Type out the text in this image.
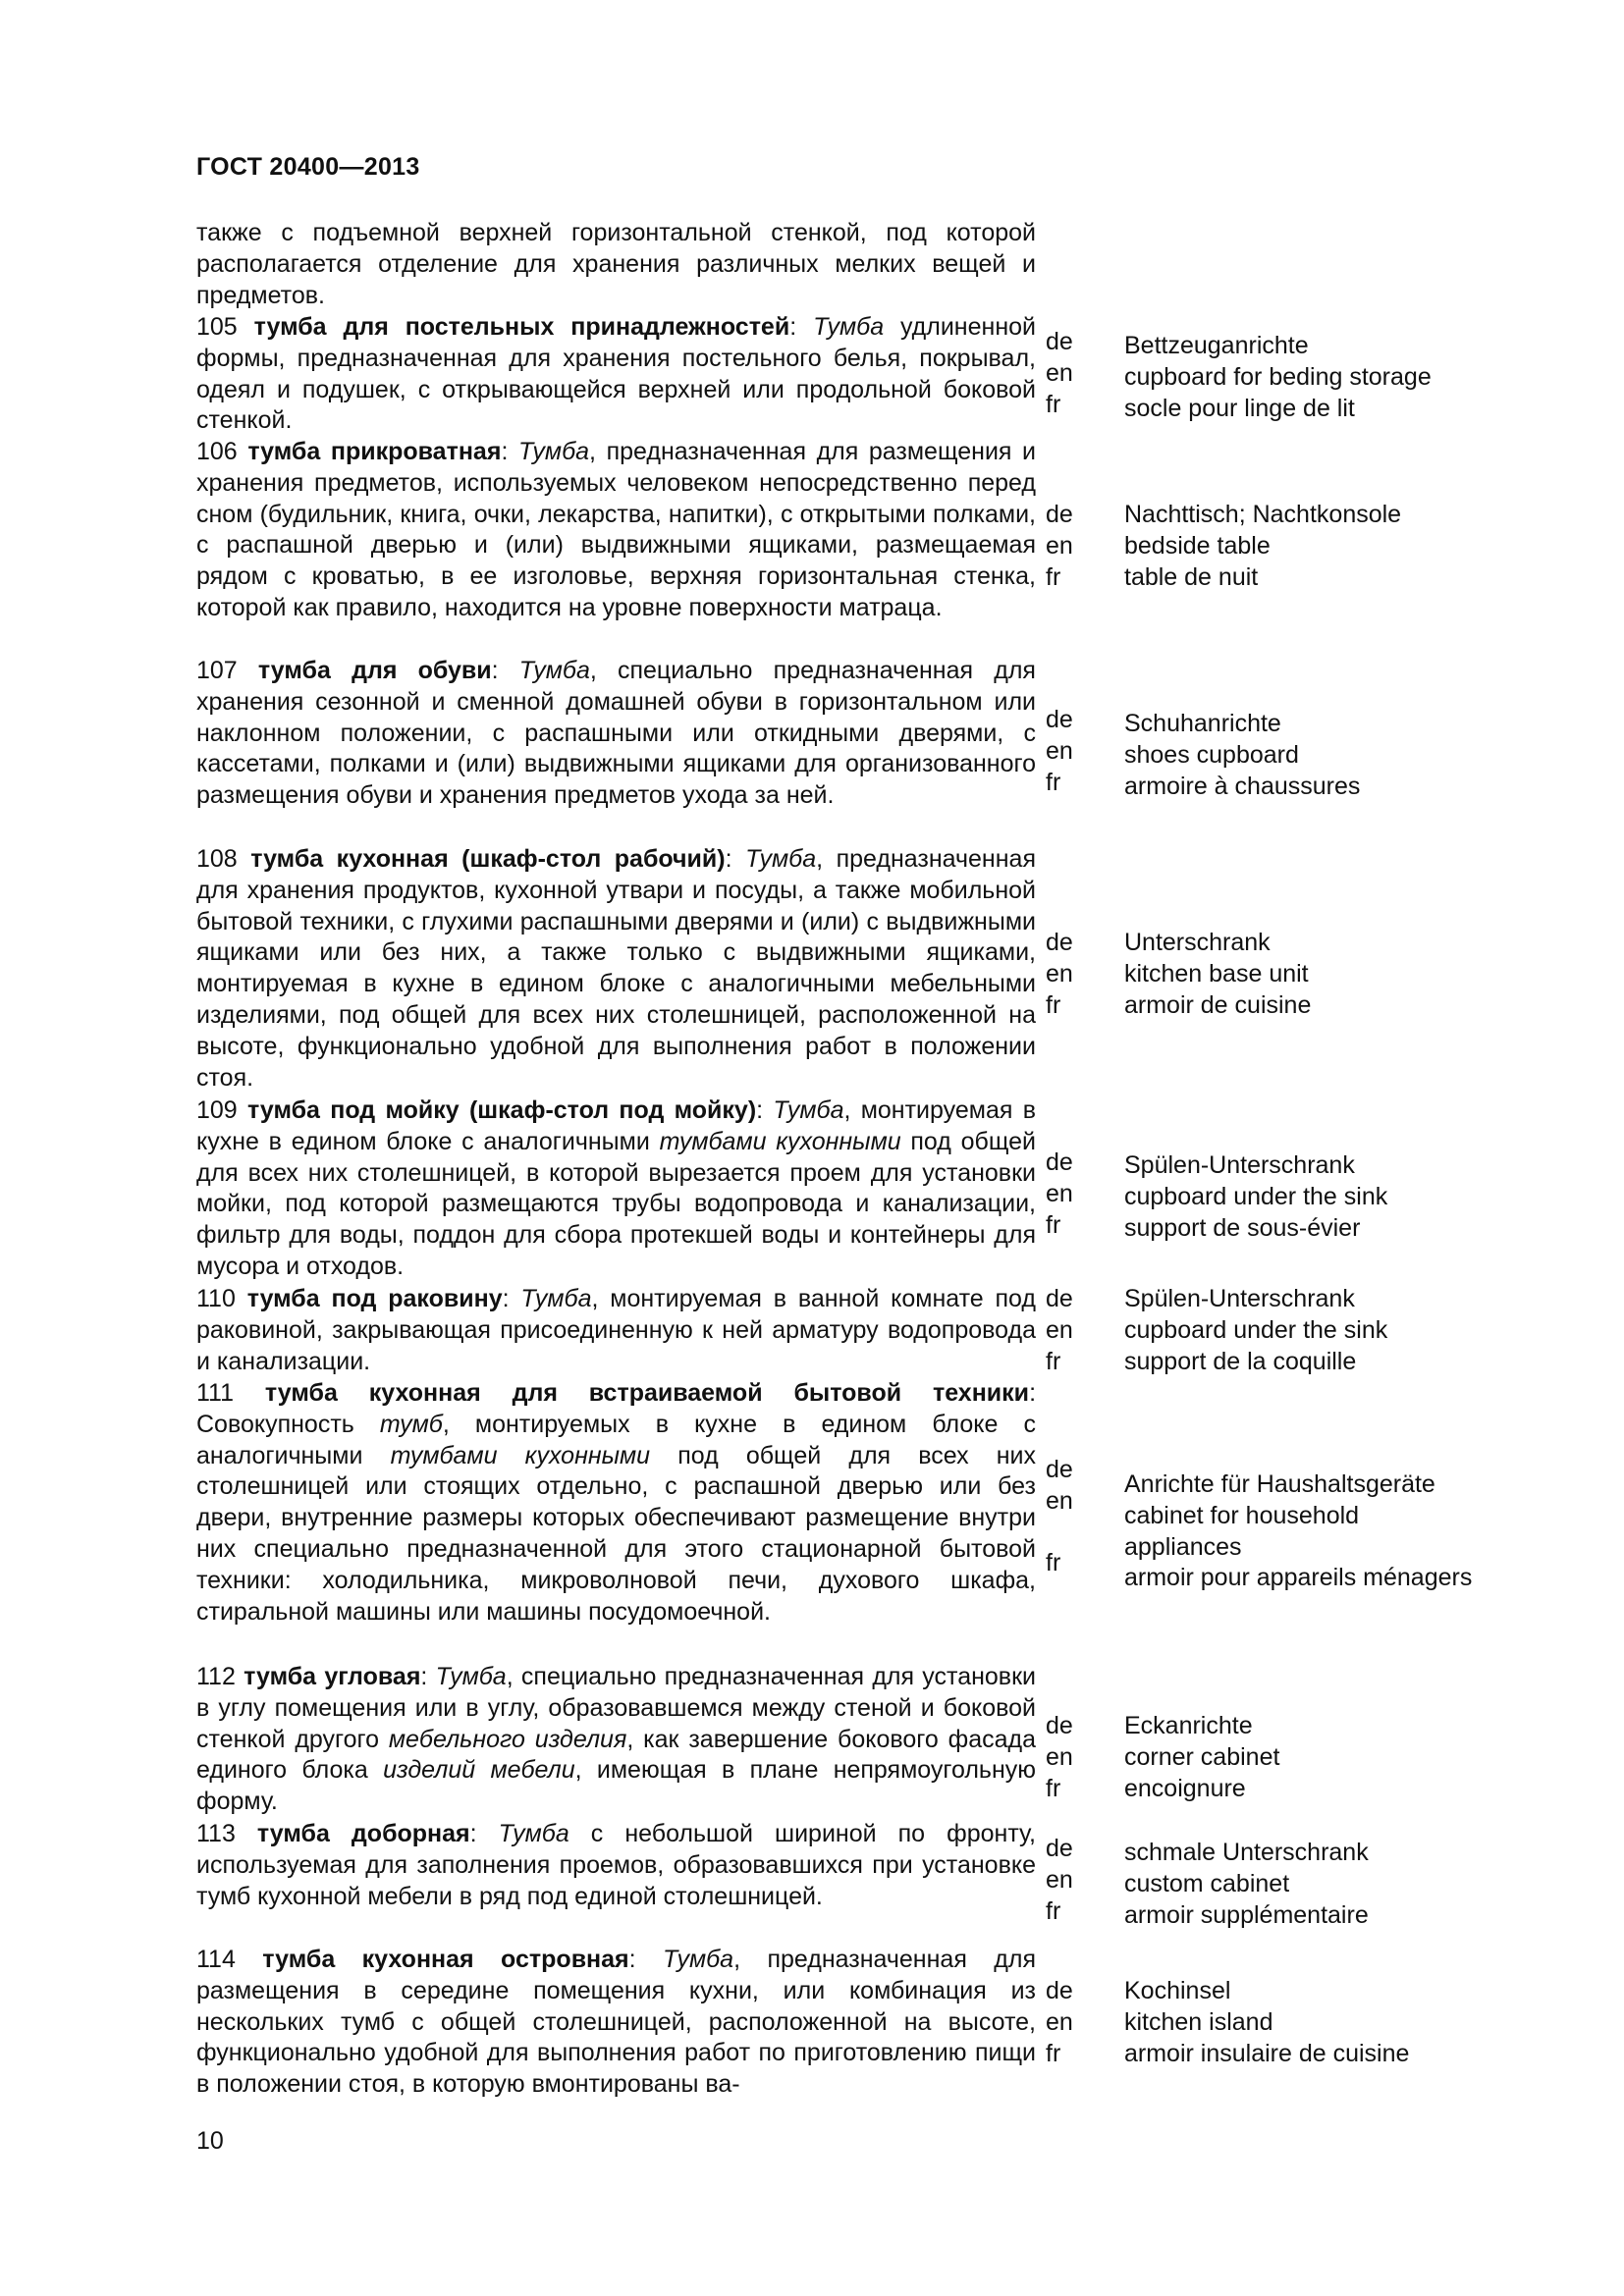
ГОСТ 20400—2013
также с подъемной верхней горизонтальной стенкой, под которой располагается отделение для хранения различных мелких вещей и предметов.
105 тумба для постельных принадлежностей: Тумба удлиненной формы, предназначенная для хранения постельного белья, покрывал, одеял и подушек, с открывающейся верхней или продольной боковой стенкой.
de
en
fr
Bettzeuganrichte
cupboard for beding storage
socle pour linge de lit
106 тумба прикроватная: Тумба, предназначенная для размещения и хранения предметов, используемых человеком непосредственно перед сном (будильник, книга, очки, лекарства, напитки), с открытыми полками, с распашной дверью и (или) выдвижными ящиками, размещаемая рядом с кроватью, в ее изголовье, верхняя горизонтальная стенка, которой как правило, находится на уровне поверхности матраца.
de
en
fr
Nachttisch; Nachtkonsole
bedside table
table de nuit
107 тумба для обуви: Тумба, специально предназначенная для хранения сезонной и сменной домашней обуви в горизонтальном или наклонном положении, с распашными или откидными дверями, с кассетами, полками и (или) выдвижными ящиками для организованного размещения обуви и хранения предметов ухода за ней.
de
en
fr
Schuhanrichte
shoes cupboard
armoire à chaussures
108 тумба кухонная (шкаф-стол рабочий): Тумба, предназначенная для хранения продуктов, кухонной утвари и посуды, а также мобильной бытовой техники, с глухими распашными дверями и (или) с выдвижными ящиками или без них, а также только с выдвижными ящиками, монтируемая в кухне в едином блоке с аналогичными мебельными изделиями, под общей для всех них столешницей, расположенной на высоте, функционально удобной для выполнения работ в положении стоя.
de
en
fr
Unterschrank
kitchen base unit
armoir de cuisine
109 тумба под мойку (шкаф-стол под мойку): Тумба, монтируемая в кухне в едином блоке с аналогичными тумбами кухонными под общей для всех них столешницей, в которой вырезается проем для установки мойки, под которой размещаются трубы водопровода и канализации, фильтр для воды, поддон для сбора протекшей воды и контейнеры для мусора и отходов.
de
en
fr
Spülen-Unterschrank
cupboard under the sink
support de sous-évier
110 тумба под раковину: Тумба, монтируемая в ванной комнате под раковиной, закрывающая присоединенную к ней арматуру водопровода и канализации.
de
en
fr
Spülen-Unterschrank
cupboard under the sink
support de la coquille
111 тумба кухонная для встраиваемой бытовой техники: Совокупность тумб, монтируемых в кухне в едином блоке с аналогичными тумбами кухонными под общей для всех них столешницей или стоящих отдельно, с распашной дверью или без двери, внутренние размеры которых обеспечивают размещение внутри них специально предназначенной для этого стационарной бытовой техники: холодильника, микроволновой печи, духового шкафа, стиральной машины или машины посудомоечной.
de
en
fr
Anrichte für Haushaltsgeräte
cabinet for household appliances
armoir pour appareils ménagers
112 тумба угловая: Тумба, специально предназначенная для установки в углу помещения или в углу, образовавшемся между стеной и боковой стенкой другого мебельного изделия, как завершение бокового фасада единого блока изделий мебели, имеющая в плане непрямоугольную форму.
de
en
fr
Eckanrichte
corner cabinet
encoignure
113 тумба доборная: Тумба с небольшой шириной по фронту, используемая для заполнения проемов, образовавшихся при установке тумб кухонной мебели в ряд под единой столешницей.
de
en
fr
schmale Unterschrank
custom cabinet
armoir supplémentaire
114 тумба кухонная островная: Тумба, предназначенная для размещения в середине помещения кухни, или комбинация из нескольких тумб с общей столешницей, расположенной на высоте, функционально удобной для выполнения работ по приготовлению пищи в положении стоя, в которую вмонтированы ва-
de
en
fr
Kochinsel
kitchen island
armoir insulaire de cuisine
10
